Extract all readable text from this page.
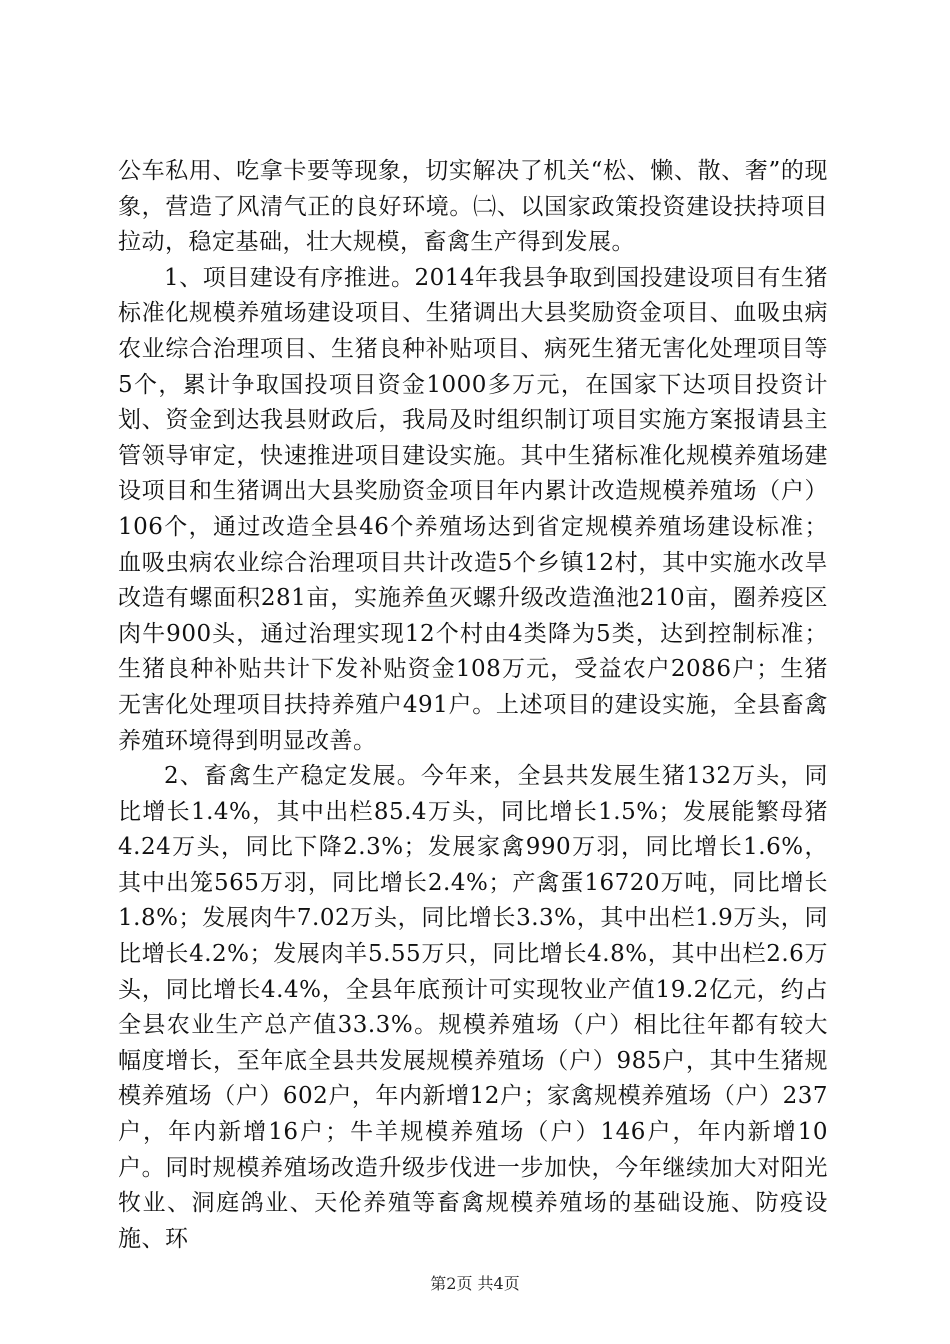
公车私用、吃拿卡要等现象，切实解决了机关“松、懒、散、奢”的现象，营造了风清气正的良好环境。㈡、以国家政策投资建设扶持项目拉动，稳定基础，壮大规模，畜禽生产得到发展。

1、项目建设有序推进。2014年我县争取到国投建设项目有生猪标准化规模养殖场建设项目、生猪调出大县奖励资金项目、血吸虫病农业综合治理项目、生猪良种补贴项目、病死生猪无害化处理项目等5个，累计争取国投项目资金1000多万元，在国家下达项目投资计划、资金到达我县财政后，我局及时组织制订项目实施方案报请县主管领导审定，快速推进项目建设实施。其中生猪标准化规模养殖场建设项目和生猪调出大县奖励资金项目年内累计改造规模养殖场（户）106个，通过改造全县46个养殖场达到省定规模养殖场建设标准；血吸虫病农业综合治理项目共计改造5个乡镇12村，其中实施水改旱改造有螺面积281亩，实施养鱼灭螺升级改造渔池210亩，圈养疫区肉牛900头，通过治理实现12个村由4类降为5类，达到控制标准；生猪良种补贴共计下发补贴资金108万元，受益农户2086户；生猪无害化处理项目扶持养殖户491户。上述项目的建设实施，全县畜禽养殖环境得到明显改善。

2、畜禽生产稳定发展。今年来，全县共发展生猪132万头，同比增长1.4%，其中出栏85.4万头，同比增长1.5%；发展能繁母猪4.24万头，同比下降2.3%；发展家禽990万羽，同比增长1.6%，其中出笼565万羽，同比增长2.4%；产禽蛋16720万吨，同比增长1.8%；发展肉牛7.02万头，同比增长3.3%，其中出栏1.9万头，同比增长4.2%；发展肉羊5.55万只，同比增长4.8%，其中出栏2.6万头，同比增长4.4%，全县年底预计可实现牧业产值19.2亿元，约占全县农业生产总产值33.3%。规模养殖场（户）相比往年都有较大幅度增长，至年底全县共发展规模养殖场（户）985户，其中生猪规模养殖场（户）602户，年内新增12户；家禽规模养殖场（户）237户，年内新增16户；牛羊规模养殖场（户）146户，年内新增10户。同时规模养殖场改造升级步伐进一步加快，今年继续加大对阳光牧业、洞庭鸽业、天伦养殖等畜禽规模养殖场的基础设施、防疫设施、环

第2页 共4页
